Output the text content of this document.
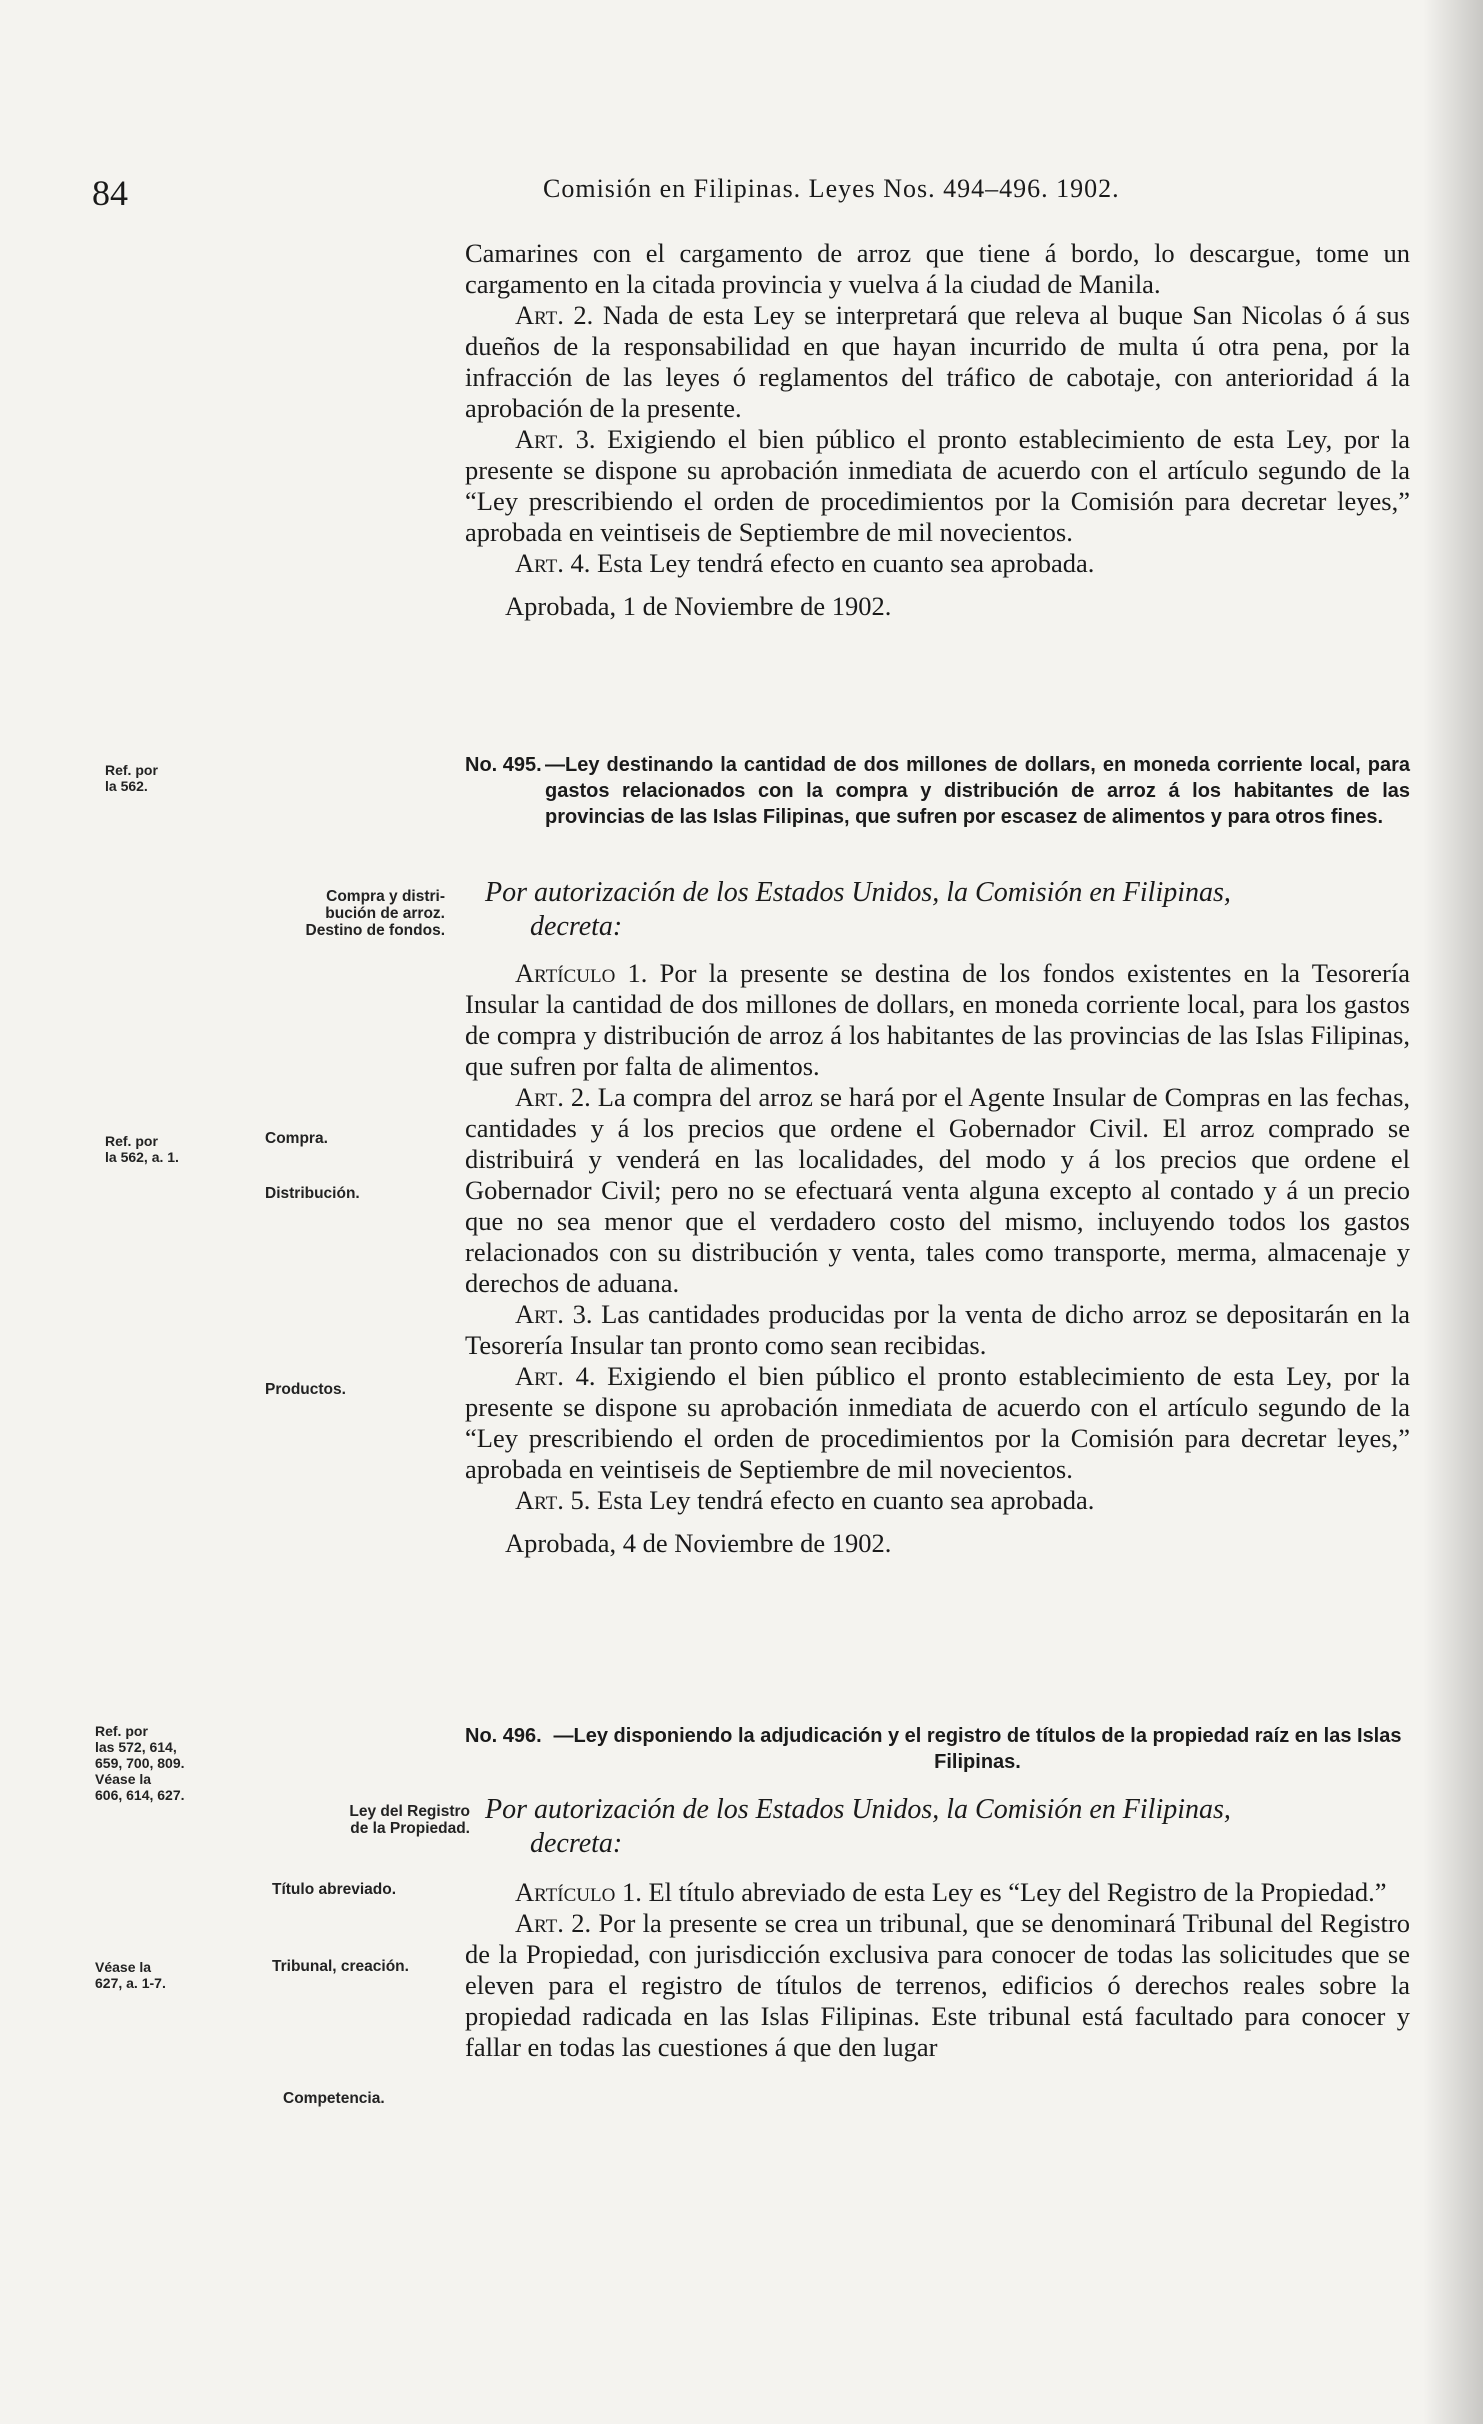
84	Comisión en Filipinas. Leyes Nos. 494–496. 1902.

Camarines con el cargamento de arroz que tiene á bordo, lo descargue, tome un cargamento en la citada provincia y vuelva á la ciudad de Manila.

Art. 2. Nada de esta Ley se interpretará que releva al buque San Nicolas ó á sus dueños de la responsabilidad en que hayan incurrido de multa ú otra pena, por la infracción de las leyes ó reglamentos del tráfico de cabotaje, con anterioridad á la aprobación de la presente.

Art. 3. Exigiendo el bien público el pronto establecimiento de esta Ley, por la presente se dispone su aprobación inmediata de acuerdo con el artículo segundo de la “Ley prescribiendo el orden de procedimientos por la Comisión para decretar leyes,” aprobada en veintiseis de Septiembre de mil novecientos.

Art. 4. Esta Ley tendrá efecto en cuanto sea aprobada.

Aprobada, 1 de Noviembre de 1902.

Ref. por
la 562.
No. 495. —Ley destinando la cantidad de dos millones de dollars, en moneda corriente local, para gastos relacionados con la compra y distribución de arroz á los habitantes de las provincias de las Islas Filipinas, que sufren por escasez de alimentos y para otros fines.
Compra y distri-
bución de arroz.
Destino de fondos.
Por autorización de los Estados Unidos, la Comisión en Filipinas,
decreta:

Artículo 1. Por la presente se destina de los fondos existentes en la Tesorería Insular la cantidad de dos millones de dollars, en moneda corriente local, para los gastos de compra y distribución de arroz á los habitantes de las provincias de las Islas Filipinas, que sufren por falta de alimentos.

Art. 2. La compra del arroz se hará por el Agente Insular de Compras en las fechas, cantidades y á los precios que ordene el Gobernador Civil. El arroz comprado se distribuirá y venderá en las localidades, del modo y á los precios que ordene el Gobernador Civil; pero no se efectuará venta alguna excepto al contado y á un precio que no sea menor que el verdadero costo del mismo, incluyendo todos los gastos relacionados con su distribución y venta, tales como transporte, merma, almacenaje y derechos de aduana.

Art. 3. Las cantidades producidas por la venta de dicho arroz se depositarán en la Tesorería Insular tan pronto como sean recibidas.

Art. 4. Exigiendo el bien público el pronto establecimiento de esta Ley, por la presente se dispone su aprobación inmediata de acuerdo con el artículo segundo de la “Ley prescribiendo el orden de procedimientos por la Comisión para decretar leyes,” aprobada en veintiseis de Septiembre de mil novecientos.

Art. 5. Esta Ley tendrá efecto en cuanto sea aprobada.

Aprobada, 4 de Noviembre de 1902.

Ref. por
la 562, a. 1.
Compra.
Distribución.
Productos.
Ref. por
las 572, 614,
659, 700, 809.
Véase la
606, 614, 627.
No. 496. —Ley disponiendo la adjudicación y el registro de títulos de la propiedad raíz en las Islas Filipinas.
Ley del Registro
de la Propiedad.
Por autorización de los Estados Unidos, la Comisión en Filipinas,
decreta:
Título abreviado.
Véase la
627, a. 1-7.
Tribunal, creación.
Competencia.

Artículo 1. El título abreviado de esta Ley es “Ley del Registro de la Propiedad.”

Art. 2. Por la presente se crea un tribunal, que se denominará Tribunal del Registro de la Propiedad, con jurisdicción exclusiva para conocer de todas las solicitudes que se eleven para el registro de títulos de terrenos, edificios ó derechos reales sobre la propiedad radicada en las Islas Filipinas. Este tribunal está facultado para conocer y fallar en todas las cuestiones á que den lugar
